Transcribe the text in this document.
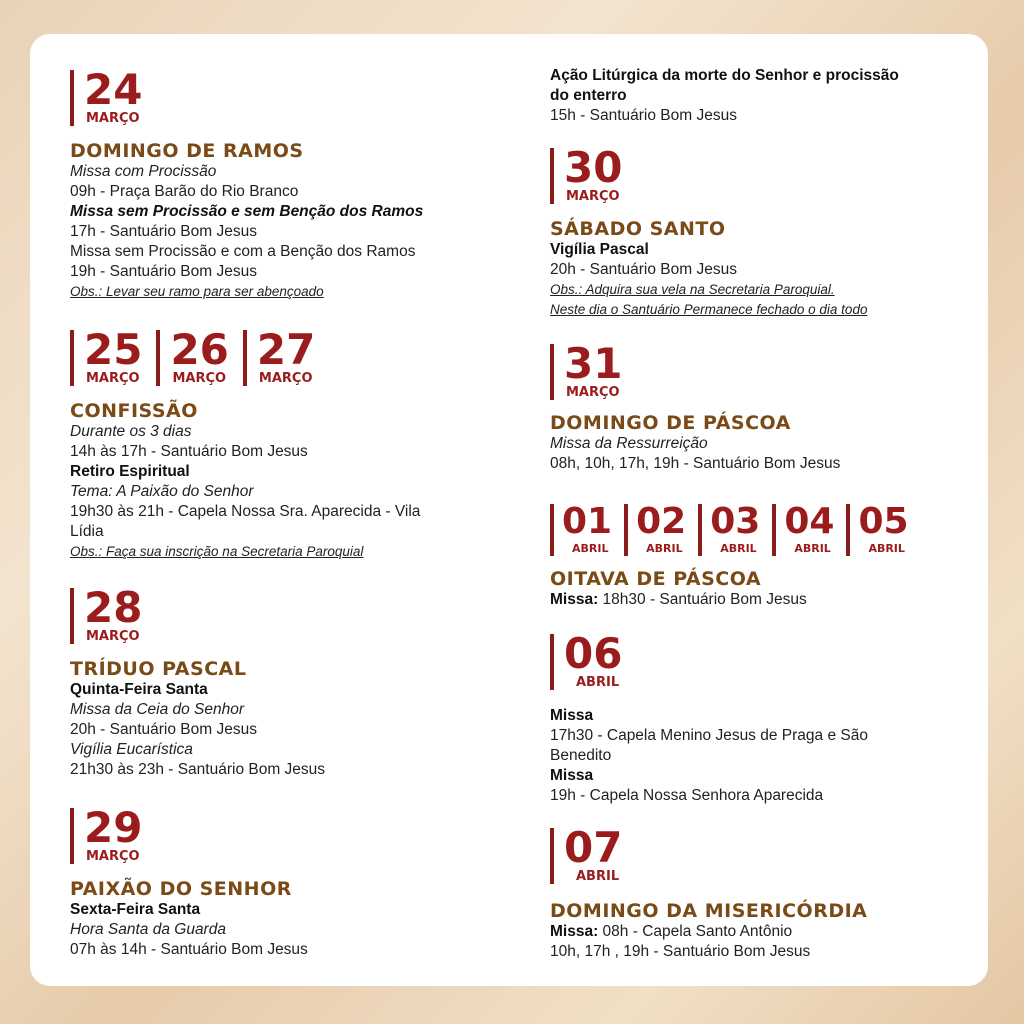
24
MARÇO
DOMINGO DE RAMOS
Missa com Procissão
09h - Praça Barão do Rio Branco
Missa sem Procissão e sem Benção dos Ramos
17h - Santuário Bom Jesus
Missa sem Procissão e com a Benção dos Ramos
19h - Santuário Bom Jesus
Obs.: Levar seu ramo para ser abençoado
25
MARÇO
26
MARÇO
27
MARÇO
CONFISSÃO
Durante os 3 dias
14h às 17h - Santuário Bom Jesus
Retiro Espiritual
Tema: A Paixão do Senhor
19h30 às 21h - Capela Nossa Sra. Aparecida - Vila
Lídia
Obs.: Faça sua inscrição na Secretaria Paroquial
28
MARÇO
TRÍDUO PASCAL
Quinta-Feira Santa
Missa da Ceia do Senhor
20h - Santuário Bom Jesus
Vigília Eucarística
21h30 às 23h - Santuário Bom Jesus
29
MARÇO
PAIXÃO DO SENHOR
Sexta-Feira Santa
Hora Santa da Guarda
07h às 14h - Santuário Bom Jesus
Ação Litúrgica da morte do Senhor e procissão
do enterro
15h - Santuário Bom Jesus
30
MARÇO
SÁBADO SANTO
Vigília Pascal
20h - Santuário Bom Jesus
Obs.: Adquira sua vela na Secretaria Paroquial.
Neste dia o Santuário Permanece fechado o dia todo
31
MARÇO
DOMINGO DE PÁSCOA
Missa da Ressurreição
08h, 10h, 17h, 19h - Santuário Bom Jesus
01
ABRIL
02
ABRIL
03
ABRIL
04
ABRIL
05
ABRIL
OITAVA DE PÁSCOA
Missa: 18h30 - Santuário Bom Jesus
06
ABRIL
Missa
17h30 - Capela Menino Jesus de Praga e São
Benedito
Missa
19h - Capela Nossa Senhora Aparecida
07
ABRIL
DOMINGO DA MISERICÓRDIA
Missa: 08h - Capela Santo Antônio
10h, 17h , 19h - Santuário Bom Jesus
